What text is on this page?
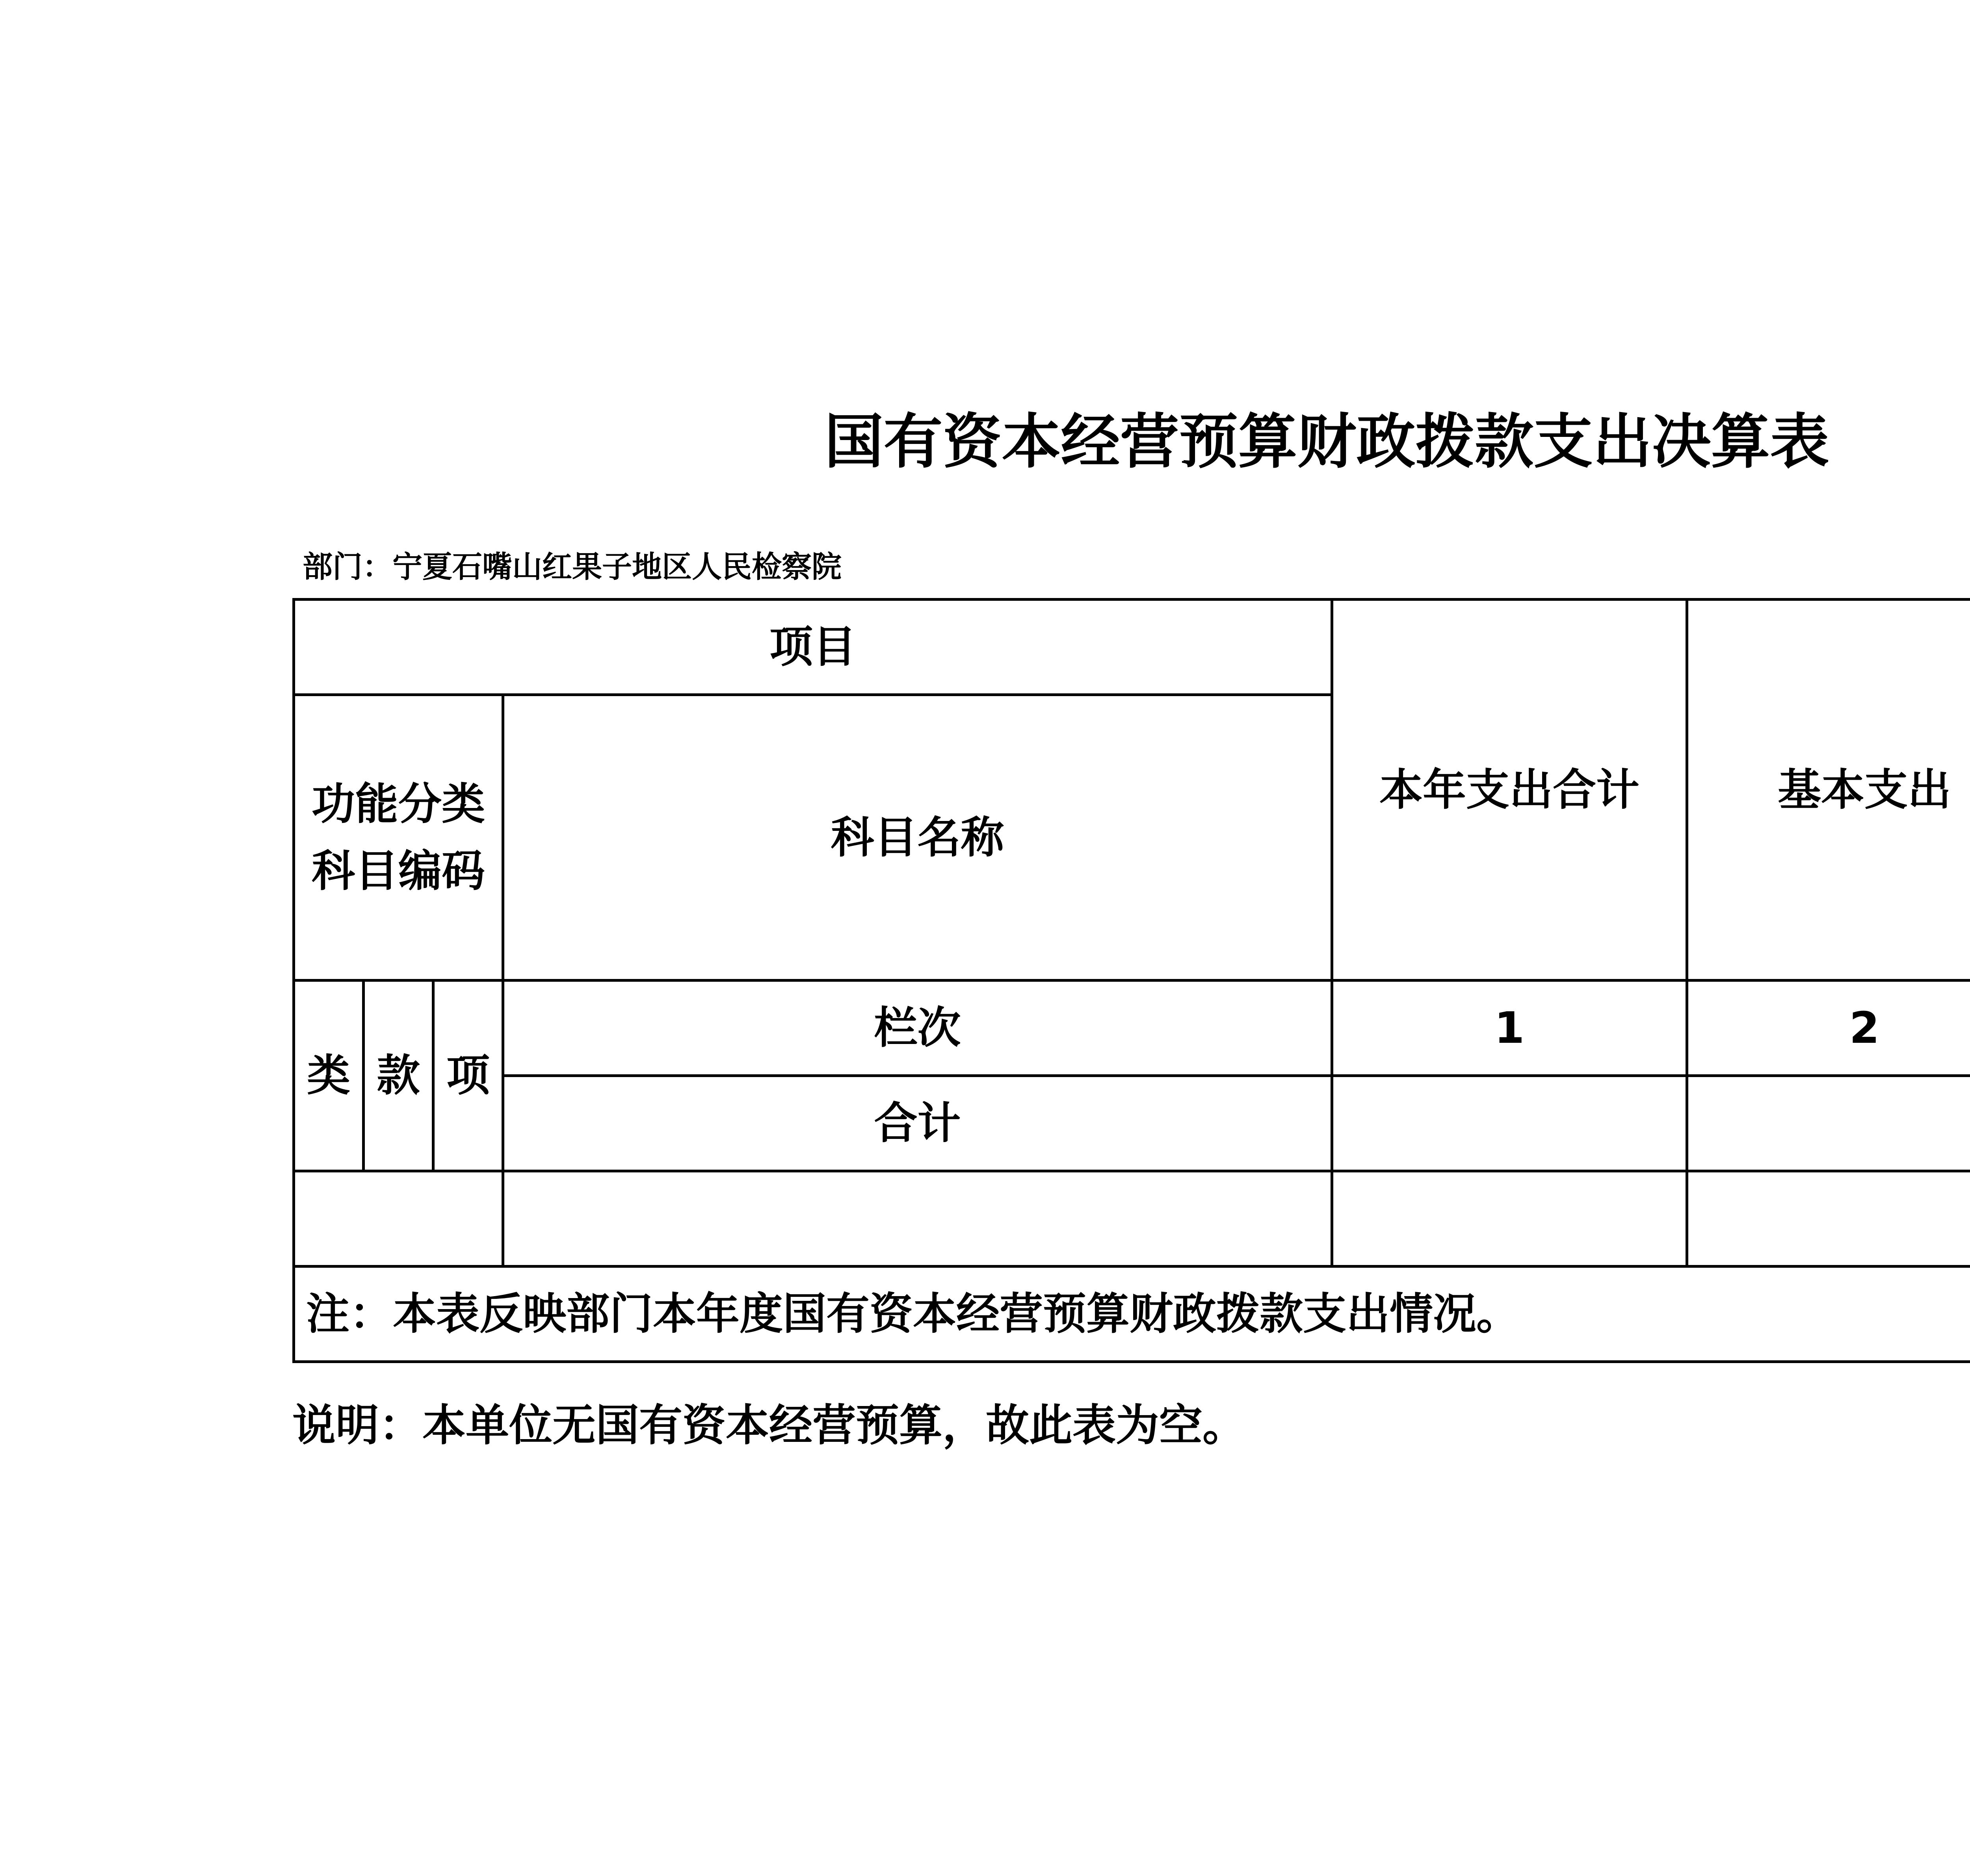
国有资本经营预算财政拨款支出决算表
部门：宁夏石嘴山红果子地区人民检察院
项目				本年支出合计	基本支出	

功能分类
科目编码			科目名称			
类	款	项	栏次	1	2	
			合计			

注：本表反映部门本年度国有资本经营预算财政拨款支出情况。						
说明：本单位无国有资本经营预算，故此表为空。
